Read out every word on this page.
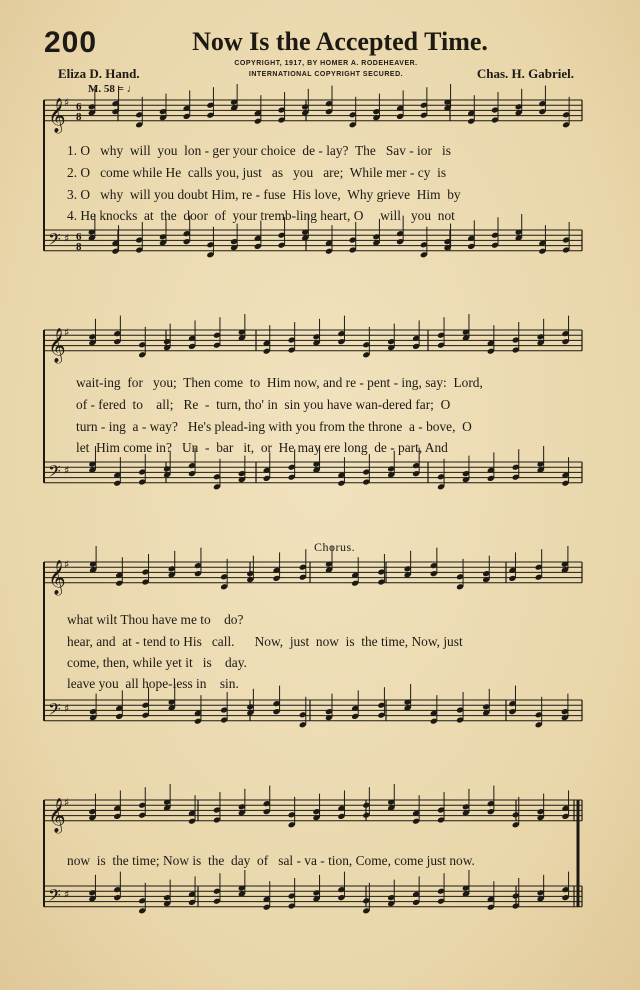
200	Now Is the Accepted Time.
COPYRIGHT, 1917, BY HOMER A. RODEHEAVER.
INTERNATIONAL COPYRIGHT SECURED.
Eliza D. Hand.	Chas. H. Gabriel.
M. 58 = ♩
𝄞
♯
𝄢 ♯
6
8
6
8
𝄞
♯
𝄢 ♯
𝄞
♯
𝄢 ♯
𝄞
♯
𝄢 ♯
1. O   why  will  you  lon - ger your choice  de - lay?  The   Sav - ior   is
2. O   come while He  calls you, just   as   you   are;  While mer - cy  is
3. O   why  will you doubt Him, re - fuse  His love,  Why grieve  Him  by
4. He knocks  at  the  door  of  your tremb-ling heart, O     will   you  not
wait-ing  for   you;  Then come  to  Him now, and re - pent - ing, say:  Lord,
of - fered  to    all;   Re  -  turn, tho' in  sin you have wan-dered far;  O
turn - ing  a - way?   He's plead-ing with you from the throne  a - bove,  O
let  Him come in?   Un  -  bar   it,  or  He may ere long  de - part, And
Chorus.
what wilt Thou have me to    do?
hear, and  at - tend to His   call.      Now,  just  now  is  the time, Now, just
come, then, while yet it   is    day.
leave you  all hope-less in    sin.
now  is  the time; Now is  the  day  of   sal - va - tion, Come, come just now.
